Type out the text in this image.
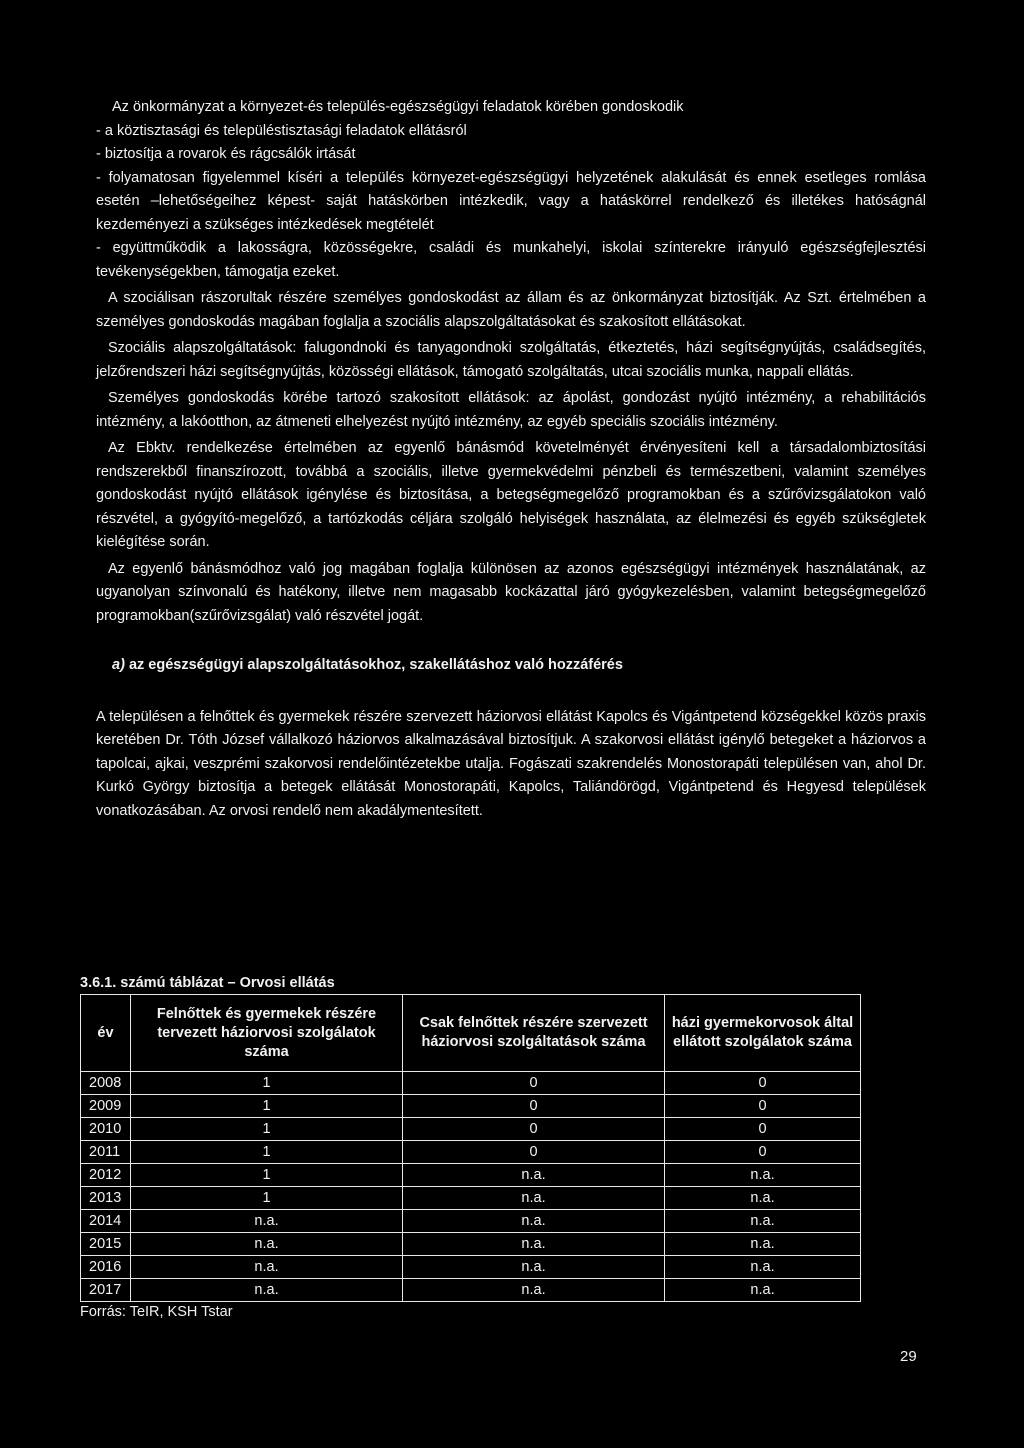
Az önkormányzat a környezet-és település-egészségügyi feladatok körében gondoskodik

- a köztisztasági és településtisztasági feladatok ellátásról

- biztosítja a rovarok és rágcsálók irtását

- folyamatosan figyelemmel kíséri a település környezet-egészségügyi helyzetének alakulását és ennek esetleges romlása esetén –lehetőségeihez képest- saját hatáskörben intézkedik, vagy a hatáskörrel rendelkező és illetékes hatóságnál kezdeményezi a szükséges intézkedések megtételét

- együttműködik a lakosságra, közösségekre, családi és munkahelyi, iskolai színterekre irányuló egészségfejlesztési tevékenységekben, támogatja ezeket.

A szociálisan rászorultak részére személyes gondoskodást az állam és az önkormányzat biztosítják. Az Szt. értelmében a személyes gondoskodás magában foglalja a szociális alapszolgáltatásokat és szakosított ellátásokat.

Szociális alapszolgáltatások: falugondnoki és tanyagondnoki szolgáltatás, étkeztetés, házi segítségnyújtás, családsegítés, jelzőrendszeri házi segítségnyújtás, közösségi ellátások, támogató szolgáltatás, utcai szociális munka, nappali ellátás.

Személyes gondoskodás körébe tartozó szakosított ellátások: az ápolást, gondozást nyújtó intézmény, a rehabilitációs intézmény, a lakóotthon, az átmeneti elhelyezést nyújtó intézmény, az egyéb speciális szociális intézmény.

Az Ebktv. rendelkezése értelmében az egyenlő bánásmód követelményét érvényesíteni kell a társadalombiztosítási rendszerekből finanszírozott, továbbá a szociális, illetve gyermekvédelmi pénzbeli és természetbeni, valamint személyes gondoskodást nyújtó ellátások igénylése és biztosítása, a betegségmegelőző programokban és a szűrővizsgálatokon való részvétel, a gyógyító-megelőző, a tartózkodás céljára szolgáló helyiségek használata, az élelmezési és egyéb szükségletek kielégítése során.

Az egyenlő bánásmódhoz való jog magában foglalja különösen az azonos egészségügyi intézmények használatának, az ugyanolyan színvonalú és hatékony, illetve nem magasabb kockázattal járó gyógykezelésben, valamint betegségmegelőző programokban(szűrővizsgálat) való részvétel jogát.

a) az egészségügyi alapszolgáltatásokhoz, szakellátáshoz való hozzáférés

A településen a felnőttek és gyermekek részére szervezett háziorvosi ellátást Kapolcs és Vigántpetend községekkel közös praxis keretében Dr. Tóth József vállalkozó háziorvos alkalmazásával biztosítjuk. A szakorvosi ellátást igénylő betegeket a háziorvos a tapolcai, ajkai, veszprémi szakorvosi rendelőintézetekbe utalja. Fogászati szakrendelés Monostorapáti településen van, ahol Dr. Kurkó György biztosítja a betegek ellátását Monostorapáti, Kapolcs, Taliándörögd, Vigántpetend és Hegyesd települések vonatkozásában. Az orvosi rendelő nem akadálymentesített.

3.6.1. számú táblázat – Orvosi ellátás

év	Felnőttek és gyermekek részére tervezett háziorvosi szolgálatok száma	Csak felnőttek részére szervezett háziorvosi szolgáltatások száma	házi gyermekorvosok által ellátott szolgálatok száma
2008	1	0	0
2009	1	0	0
2010	1	0	0
2011	1	0	0
2012	1	n.a.	n.a.
2013	1	n.a.	n.a.
2014	n.a.	n.a.	n.a.
2015	n.a.	n.a.	n.a.
2016	n.a.	n.a.	n.a.
2017	n.a.	n.a.	n.a.

Forrás: TeIR, KSH Tstar

29
